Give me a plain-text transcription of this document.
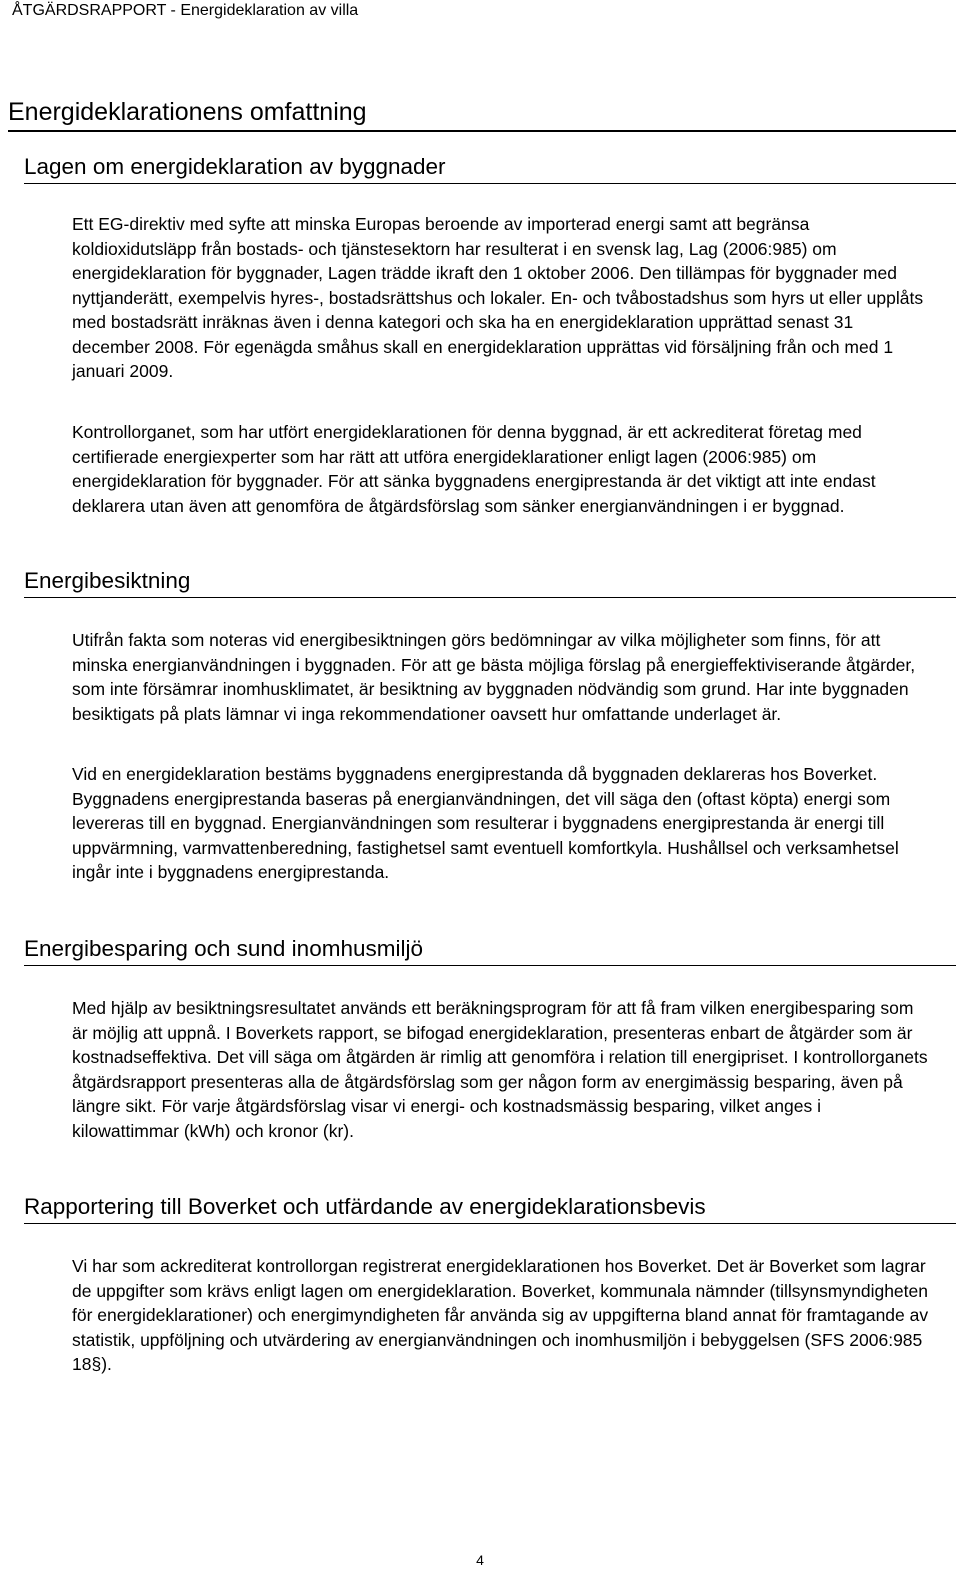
ÅTGÄRDSRAPPORT - Energideklaration av villa
Energideklarationens omfattning
Lagen om energideklaration av byggnader

Ett EG-direktiv med syfte att minska Europas beroende av importerad energi samt att begränsa koldioxidutsläpp från bostads- och tjänstesektorn har resulterat i en svensk lag, Lag (2006:985) om energideklaration för byggnader, Lagen trädde ikraft den 1 oktober 2006. Den tillämpas för byggnader med nyttjanderätt, exempelvis hyres-, bostadsrättshus och lokaler. En- och tvåbostadshus som hyrs ut eller upplåts med bostadsrätt inräknas även i denna kategori och ska ha en energideklaration upprättad senast 31 december 2008. För egenägda småhus skall en energideklaration upprättas vid försäljning från och med 1 januari 2009.

Kontrollorganet, som har utfört energideklarationen för denna byggnad, är ett ackrediterat företag med certifierade energiexperter som har rätt att utföra energideklarationer enligt lagen (2006:985) om energideklaration för byggnader. För att sänka byggnadens energiprestanda är det viktigt att inte endast deklarera utan även att genomföra de åtgärdsförslag som sänker energianvändningen i er byggnad.

Energibesiktning

Utifrån fakta som noteras vid energibesiktningen görs bedömningar av vilka möjligheter som finns, för att minska energianvändningen i byggnaden. För att ge bästa möjliga förslag på energieffektiviserande åtgärder, som inte försämrar inomhusklimatet, är besiktning av byggnaden nödvändig som grund. Har inte byggnaden besiktigats på plats lämnar vi inga rekommendationer oavsett hur omfattande underlaget är.

Vid en energideklaration bestäms byggnadens energiprestanda då byggnaden deklareras hos Boverket. Byggnadens energiprestanda baseras på energianvändningen, det vill säga den (oftast köpta) energi som levereras till en byggnad. Energianvändningen som resulterar i byggnadens energiprestanda är energi till uppvärmning, varmvattenberedning, fastighetsel samt eventuell komfortkyla. Hushållsel och verksamhetsel ingår inte i byggnadens energiprestanda.

Energibesparing och sund inomhusmiljö

Med hjälp av besiktningsresultatet används ett beräkningsprogram för att få fram vilken energibesparing som är möjlig att uppnå. I Boverkets rapport, se bifogad energideklaration, presenteras enbart de åtgärder som är kostnadseffektiva. Det vill säga om åtgärden är rimlig att genomföra i relation till energipriset. I kontrollorganets åtgärdsrapport presenteras alla de åtgärdsförslag som ger någon form av energimässig besparing, även på längre sikt. För varje åtgärdsförslag visar vi energi- och kostnadsmässig besparing, vilket anges i kilowattimmar (kWh) och kronor (kr).

Rapportering till Boverket och utfärdande av energideklarationsbevis

Vi har som ackrediterat kontrollorgan registrerat energideklarationen hos Boverket. Det är Boverket som lagrar de uppgifter som krävs enligt lagen om energideklaration. Boverket, kommunala nämnder (tillsynsmyndigheten för energideklarationer) och energimyndigheten får använda sig av uppgifterna bland annat för framtagande av statistik, uppföljning och utvärdering av energianvändningen och inomhusmiljön i bebyggelsen (SFS 2006:985 18§).

4
